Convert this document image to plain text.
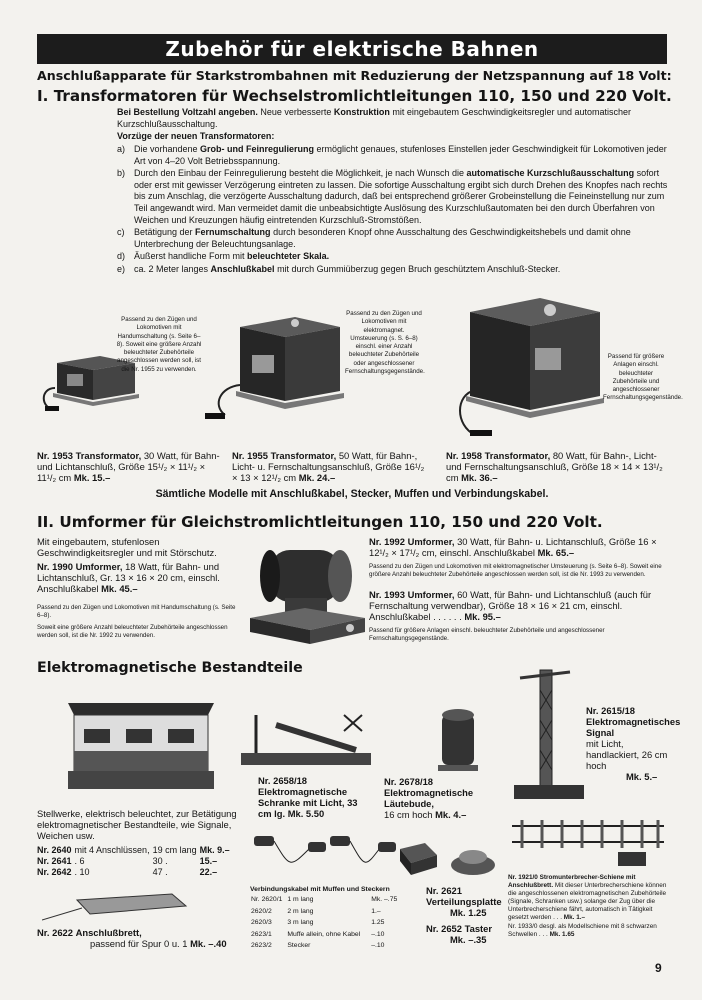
Zubehör für elektrische Bahnen
Anschlußapparate für Starkstrombahnen mit Reduzierung der Netzspannung auf 18 Volt:
I. Transformatoren für Wechselstromlichtleitungen 110, 150 und 220 Volt.
Bei Bestellung Voltzahl angeben. Neue verbesserte Konstruktion mit eingebautem Geschwindigkeitsregler und automatischer Kurzschlußausschaltung.
Vorzüge der neuen Transformatoren:
a) Die vorhandene Grob- und Feinregulierung ermöglicht genaues, stufenloses Einstellen jeder Geschwindigkeit für Lokomotiven jeder Art von 4–20 Volt Betriebsspannung.
b) Durch den Einbau der Feinregulierung besteht die Möglichkeit, je nach Wunsch die automatische Kurzschlußausschaltung sofort oder erst mit gewisser Verzögerung eintreten zu lassen. Die sofortige Ausschaltung ergibt sich durch Drehen des Knopfes nach rechts bis zum Anschlag, die verzögerte Ausschaltung dadurch, daß bei entsprechend größerer Grobeinstellung die Feineinstellung nur zum Teil angewandt wird. Man vermeidet damit die unbeabsichtigte Auslösung des Kurzschlußautomaten bei den durch Überfahren von Weichen und Kreuzungen häufig eintretenden Kurzschluß-Stromstößen.
c) Betätigung der Fernumschaltung durch besonderen Knopf ohne Ausschaltung des Geschwindigkeitshebels und damit ohne Unterbrechung der Beleuchtungsanlage.
d) Äußerst handliche Form mit beleuchteter Skala.
e) ca. 2 Meter langes Anschlußkabel mit durch Gummiüberzug gegen Bruch geschütztem Anschluß-Stecker.
Passend zu den Zügen und Lokomotiven mit Handumschaltung (s. Seite 6–8). Soweit eine größere Anzahl beleuchteter Zubehörteile angeschlossen werden soll, ist die Nr. 1955 zu verwenden.
Passend zu den Zügen und Lokomotiven mit elektromagnet. Umsteuerung (s. S. 6–8) einschl. einer Anzahl beleuchteter Zubehörteile oder angeschlossener Fernschaltungsgegenstände.
Passend für größere Anlagen einschl. beleuchteter Zubehörteile und angeschlossener Fernschaltungsgegenstände.
Nr. 1953 Transformator, 30 Watt, für Bahn- und Lichtanschluß, Größe 15¹/₂ × 11¹/₂ × 11¹/₂ cm Mk. 15.–
Nr. 1955 Transformator, 50 Watt, für Bahn-, Licht- u. Fernschaltungsanschluß, Größe 16¹/₂ × 13 × 12¹/₂ cm Mk. 24.–
Nr. 1958 Transformator, 80 Watt, für Bahn-, Licht- und Fernschaltungsanschluß, Größe 18 × 14 × 13¹/₂ cm Mk. 36.–
Sämtliche Modelle mit Anschlußkabel, Stecker, Muffen und Verbindungskabel.
II. Umformer für Gleichstromlichtleitungen 110, 150 und 220 Volt.
Mit eingebautem, stufenlosen Geschwindigkeitsregler und mit Störschutz.
Nr. 1990 Umformer, 18 Watt, für Bahn- und Lichtanschluß, Gr. 13 × 16 × 20 cm, einschl. Anschlußkabel Mk. 45.–
Passend zu den Zügen und Lokomotiven mit Handumschaltung (s. Seite 6–8).
Soweit eine größere Anzahl beleuchteter Zubehörteile angeschlossen werden soll, ist die Nr. 1992 zu verwenden.
Nr. 1992 Umformer, 30 Watt, für Bahn- u. Lichtanschluß, Größe 16 × 12¹/₂ × 17¹/₂ cm, einschl. Anschlußkabel Mk. 65.–
Passend zu den Zügen und Lokomotiven mit elektromagnetischer Umsteuerung (s. Seite 6–8). Soweit eine größere Anzahl beleuchteter Zubehörteile angeschlossen werden soll, ist die Nr. 1993 zu verwenden.
Nr. 1993 Umformer, 60 Watt, für Bahn- und Lichtanschluß (auch für Fernschaltung verwendbar), Größe 18 × 16 × 21 cm, einschl. Anschlußkabel . . . . . . Mk. 95.–
Passend für größere Anlagen einschl. beleuchteter Zubehörteile und angeschlossener Fernschaltungsgegenstände.
Elektromagnetische Bestandteile
Stellwerke, elektrisch beleuchtet, zur Betätigung elektromagnetischer Bestandteile, wie Signale, Weichen usw.
Nr. 2640	mit 4 Anschlüssen,	19 cm lang	Mk. 9.–
Nr. 2641	. 6	30 .	15.–
Nr. 2642	. 10	47 .	22.–
Nr. 2622 Anschlußbrett,
passend für Spur 0 u. 1 Mk. –.40
Nr. 2658/18 Elektromagnetische Schranke mit Licht, 33 cm lg. Mk. 5.50
Nr. 2678/18 Elektromagnetische Läutebude,
16 cm hoch Mk. 4.–
Nr. 2615/18
Elektromagnetisches Signal
mit Licht, handlackiert, 26 cm hoch
Mk. 5.–
Verbindungskabel mit Muffen und Steckern
Nr. 2620/1	1 m lang	Mk. –.75
2620/2	2 m lang	1.–
2620/3	3 m lang	1.25
2623/1	Muffe allein, ohne Kabel	–.10
2623/2	Stecker	–.10
Nr. 2621 Verteilungsplatte
Mk. 1.25
Nr. 2652 Taster
Mk. –.35
Nr. 1921/0 Stromunterbrecher-Schiene mit Anschlußbrett. Mit dieser Unterbrecherschiene können die angeschlossenen elektromagnetischen Zubehörteile (Signale, Schranken usw.) solange der Zug über die Unterbrecherschiene fährt, automatisch in Tätigkeit gesetzt werden . . . Mk. 1.–
Nr. 1933/0 desgl. als Modellschiene mit 8 schwarzen Schwellen . . . Mk. 1.65
9
